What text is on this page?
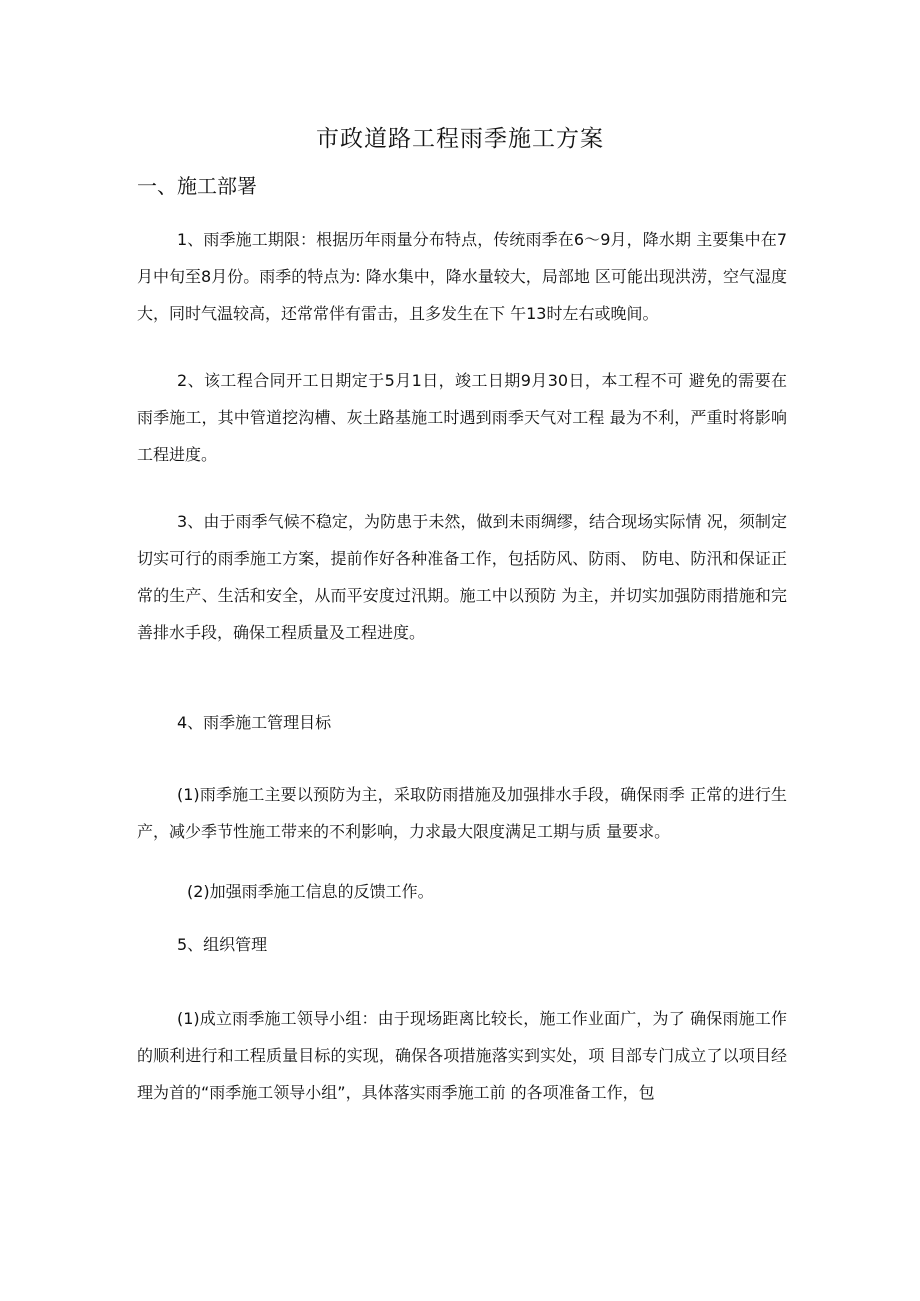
市政道路工程雨季施工方案
一、施工部署
1、雨季施工期限：根据历年雨量分布特点，传统雨季在6～9月，降水期 主要集中在7月中旬至8月份。雨季的特点为: 降水集中，降水量较大，局部地 区可能出现洪涝，空气湿度大，同时气温较高，还常常伴有雷击，且多发生在下 午13时左右或晚间。
2、该工程合同开工日期定于5月1日，竣工日期9月30日，本工程不可 避免的需要在雨季施工，其中管道挖沟槽、灰土路基施工时遇到雨季天气对工程 最为不利，严重时将影响工程进度。
3、由于雨季气候不稳定，为防患于未然，做到未雨绸缪，结合现场实际情 况，须制定切实可行的雨季施工方案，提前作好各种准备工作，包括防风、防雨、 防电、防汛和保证正常的生产、生活和安全，从而平安度过汛期。施工中以预防 为主，并切实加强防雨措施和完善排水手段，确保工程质量及工程进度。
4、雨季施工管理目标
(1)雨季施工主要以预防为主，采取防雨措施及加强排水手段，确保雨季 正常的进行生产，减少季节性施工带来的不利影响，力求最大限度满足工期与质 量要求。
(2)加强雨季施工信息的反馈工作。
5、组织管理
(1)成立雨季施工领导小组：由于现场距离比较长，施工作业面广，为了 确保雨施工作的顺利进行和工程质量目标的实现，确保各项措施落实到实处，项 目部专门成立了以项目经理为首的“雨季施工领导小组”，具体落实雨季施工前 的各项准备工作，包
